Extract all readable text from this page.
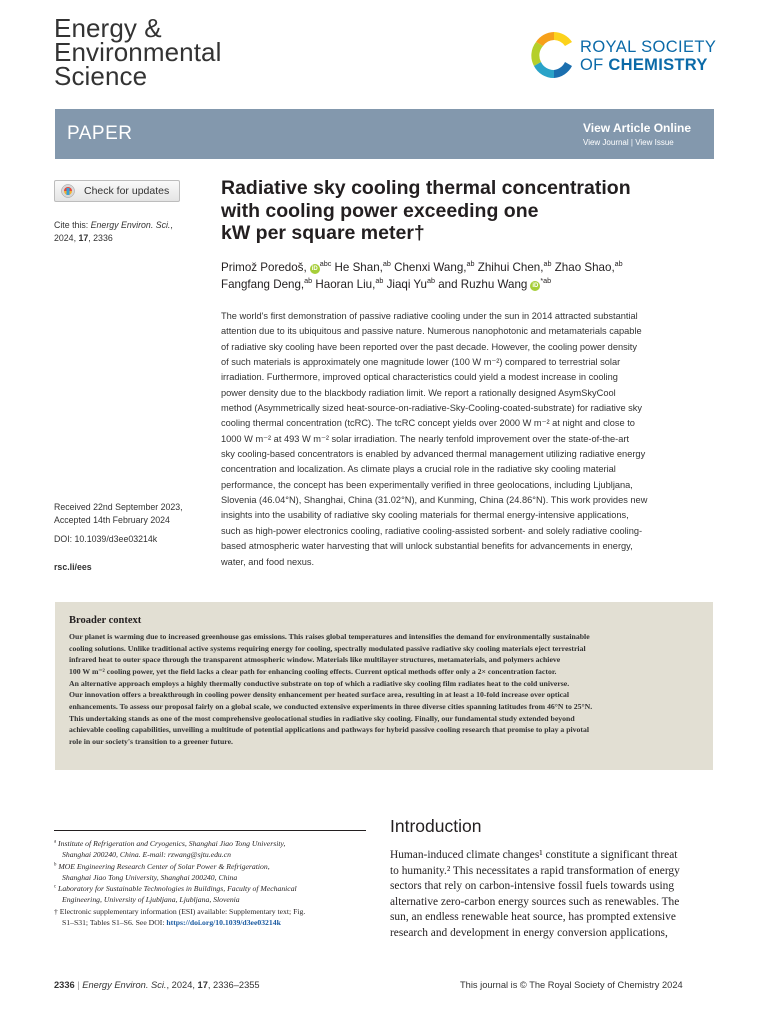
Energy &
Environmental
Science
ROYAL SOCIETY
OF CHEMISTRY
PAPER	View Article Online
View Journal | View Issue
Check for updates
Cite this: Energy Environ. Sci.,
2024, 17, 2336
Received 22nd September 2023,
Accepted 14th February 2024
DOI: 10.1039/d3ee03214k
rsc.li/ees
Radiative sky cooling thermal concentration
with cooling power exceeding one
kW per square meter†
Primož Poredoš, $iD^{abc}$ He Shan,$^{ab}$ Chenxi Wang,$^{ab}$ Zhihui Chen,$^{ab}$ Zhao Shao,$^{ab}$
Fangfang Deng,$^{ab}$ Haoran Liu,$^{ab}$ Jiaqi $Yu^{ab}$ and Ruzhu Wang $iD^{*ab}$
The world's first demonstration of passive radiative cooling under the sun in 2014 attracted substantial
attention due to its ubiquitous and passive nature. Numerous nanophotonic and metamaterials capable
of radiative sky cooling have been reported over the past decade. However, the cooling power density
of such materials is approximately one magnitude lower (100 W m⁻²) compared to terrestrial solar
irradiation. Furthermore, improved optical characteristics could yield a modest increase in cooling
power density due to the blackbody radiation limit. We report a rationally designed AsymSkyCool
method (Asymmetrically sized heat-source-on-radiative-Sky-Cooling-coated-substrate) for radiative sky
cooling thermal concentration (tcRC). The tcRC concept yields over 2000 W m⁻² at night and close to
1000 W m⁻² at 493 W m⁻² solar irradiation. The nearly tenfold improvement over the state-of-the-art
sky cooling-based concentrators is enabled by advanced thermal management utilizing radiative energy
concentration and localization. As climate plays a crucial role in the radiative sky cooling material
performance, the concept has been experimentally verified in three geolocations, including Ljubljana,
Slovenia (46.04°N), Shanghai, China (31.02°N), and Kunming, China (24.86°N). This work provides new
insights into the usability of radiative sky cooling materials for thermal energy-intensive applications,
such as high-power electronics cooling, radiative cooling-assisted sorbent- and solely radiative cooling-
based atmospheric water harvesting that will unlock substantial benefits for advancements in energy,
water, and food nexus.
Broader context
Our planet is warming due to increased greenhouse gas emissions. This raises global temperatures and intensifies the demand for environmentally sustainable
cooling solutions. Unlike traditional active systems requiring energy for cooling, spectrally modulated passive radiative sky cooling materials eject terrestrial
infrared heat to outer space through the transparent atmospheric window. Materials like multilayer structures, metamaterials, and polymers achieve
100 W m⁻² cooling power, yet the field lacks a clear path for enhancing cooling effects. Current optical methods offer only a 2× concentration factor.
An alternative approach employs a highly thermally conductive substrate on top of which a radiative sky cooling film radiates heat to the cold universe.
Our innovation offers a breakthrough in cooling power density enhancement per heated surface area, resulting in at least a 10-fold increase over optical
enhancements. To assess our proposal fairly on a global scale, we conducted extensive experiments in three diverse cities spanning latitudes from 46°N to 25°N.
This undertaking stands as one of the most comprehensive geolocational studies in radiative sky cooling. Finally, our fundamental study extended beyond
achievable cooling capabilities, unveiling a multitude of potential applications and pathways for hybrid passive cooling research that promise to play a pivotal
role in our society's transition to a greener future.
$^a$ Institute of Refrigeration and Cryogenics, Shanghai Jiao Tong University,
Shanghai 200240, China. E-mail: rzwang@sjtu.edu.cn
$^b$ MOE Engineering Research Center of Solar Power & Refrigeration,
Shanghai Jiao Tong University, Shanghai 200240, China
$^c$ Laboratory for Sustainable Technologies in Buildings, Faculty of Mechanical
Engineering, University of Ljubljana, Ljubljana, Slovenia
† Electronic supplementary information (ESI) available: Supplementary text; Fig.
S1–S31; Tables S1–S6. See DOI: https://doi.org/10.1039/d3ee03214k
Introduction
Human-induced climate changes¹ constitute a significant threat
to humanity.² This necessitates a rapid transformation of energy
sectors that rely on carbon-intensive fossil fuels towards using
alternative zero-carbon energy sources such as renewables. The
sun, an endless renewable heat source, has prompted extensive
research and development in energy conversion applications,
2336 | Energy Environ. Sci., 2024, 17, 2336–2355	This journal is © The Royal Society of Chemistry 2024
